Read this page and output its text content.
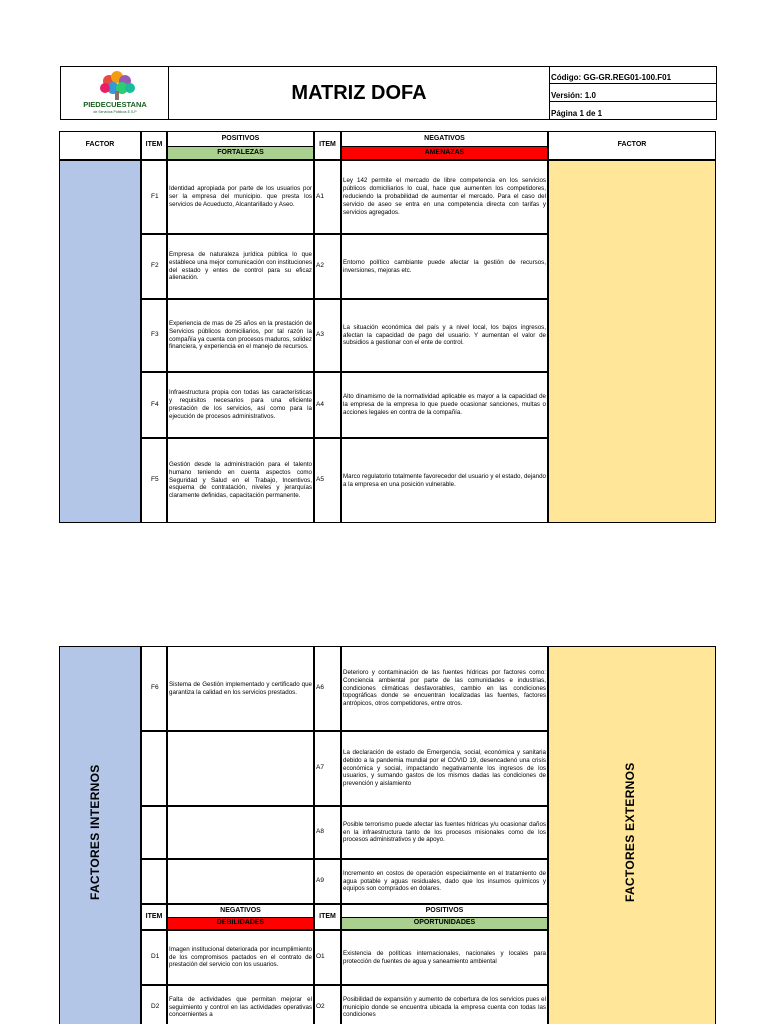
PIEDECUESTANA
de Servicios Públicos E.S.P
MATRIZ DOFA
Código: GG-GR.REG01-100.F01
Versión: 1.0
Página 1 de 1
FACTOR	ITEM
POSITIVOS
FORTALEZAS
ITEM
NEGATIVOS
AMENAZAS
FACTOR
F1
Identidad apropiada por parte de los usuarios por ser la empresa del municipio. que presta los servicios de Acueducto, Alcantarillado y Aseo.
A1
Ley 142 permite el mercado de libre competencia en los servicios públicos domiciliarios lo cual, hace que aumenten los competidores, reduciendo la probabilidad de aumentar el mercado. Para el caso del servicio de aseo se entra en una competencia directa con tarifas y servicios agregados.
F2
Empresa de naturaleza jurídica pública lo que establece una mejor comunicación con instituciones del estado y entes de control para su eficaz alienación.
A2
Entorno político cambiante puede afectar la gestión de recursos, inversiones, mejoras etc.
F3
Experiencia de mas de 25 años en la prestación de Servicios públicos domiciliarios, por tal razón la compañía ya cuenta con procesos maduros, solidez financiera, y experiencia en el manejo de recursos.
A3
La situación económica del país y a nivel local, los bajos ingresos, afectan la capacidad de pago del usuario. Y aumentan el valor de subsidios a gestionar con el ente de control.
F4
Infraestructura propia con todas las características y requisitos necesarios para una eficiente prestación de los servicios, así como para la ejecución de procesos administrativos.
A4
Alto dinamismo de la normatividad aplicable es mayor a la capacidad de la empresa de la empresa lo que puede ocasionar sanciones, multas o acciones legales en contra de la compañía.
F5
Gestión desde la administración para el talento humano teniendo en cuenta aspectos como Seguridad y Salud en el Trabajo, Incentivos, esquema de contratación, niveles y jerarquías claramente definidas, capacitación permanente.
A5
Marco regulatorio totalmente favorecedor del usuario y el estado, dejando a la empresa en una posición vulnerable.
FACTORES INTERNOS	FACTORES EXTERNOS
F6
Sistema de Gestión implementado y certificado que garantiza la calidad en los servicios prestados.
A6
Deterioro y contaminación de las fuentes hídricas por factores como: Conciencia ambiental por parte de las comunidades e industrias, condiciones climáticas desfavorables, cambio en las condiciones topográficas donde se encuentran localizadas las fuentes, factores antrópicos, otros competidores, entre otros.
A7
La declaración de estado de Emergencia, social, económica y sanitaria debido a la pandemia mundial por el COVID 19, desencadenó una crisis económica y social, impactando negativamente los ingresos de los usuarios, y sumando gastos de los mismos dadas las condiciones de prevención y aislamiento
A8
Posible terrorismo puede afectar las fuentes hídricas y/u ocasionar daños en la infraestructura tanto de los procesos misionales como de los procesos administrativos y de apoyo.
A9
Incremento en costos de operación especialmente en el tratamiento de agua potable y aguas residuales, dado que los insumos químicos y equipos son comprados en dolares.
ITEM
NEGATIVOS
DEBILIDADES
ITEM
POSITIVOS
OPORTUNIDADES
D1
Imagen institucional deteriorada por incumplimiento de los compromisos pactados en el contrato de prestación del servicio con los usuarios.
O1
Existencia de políticas internacionales, nacionales y locales para protección de fuentes de agua y saneamiento ambiental
D2
Falta de actividades que permitan mejorar el seguimiento y control en las actividades operativas concernientes a
O2
Posibilidad de expansión y aumento de cobertura de los servicios pues el municipio donde se encuentra ubicada la empresa cuenta con todas las condiciones
